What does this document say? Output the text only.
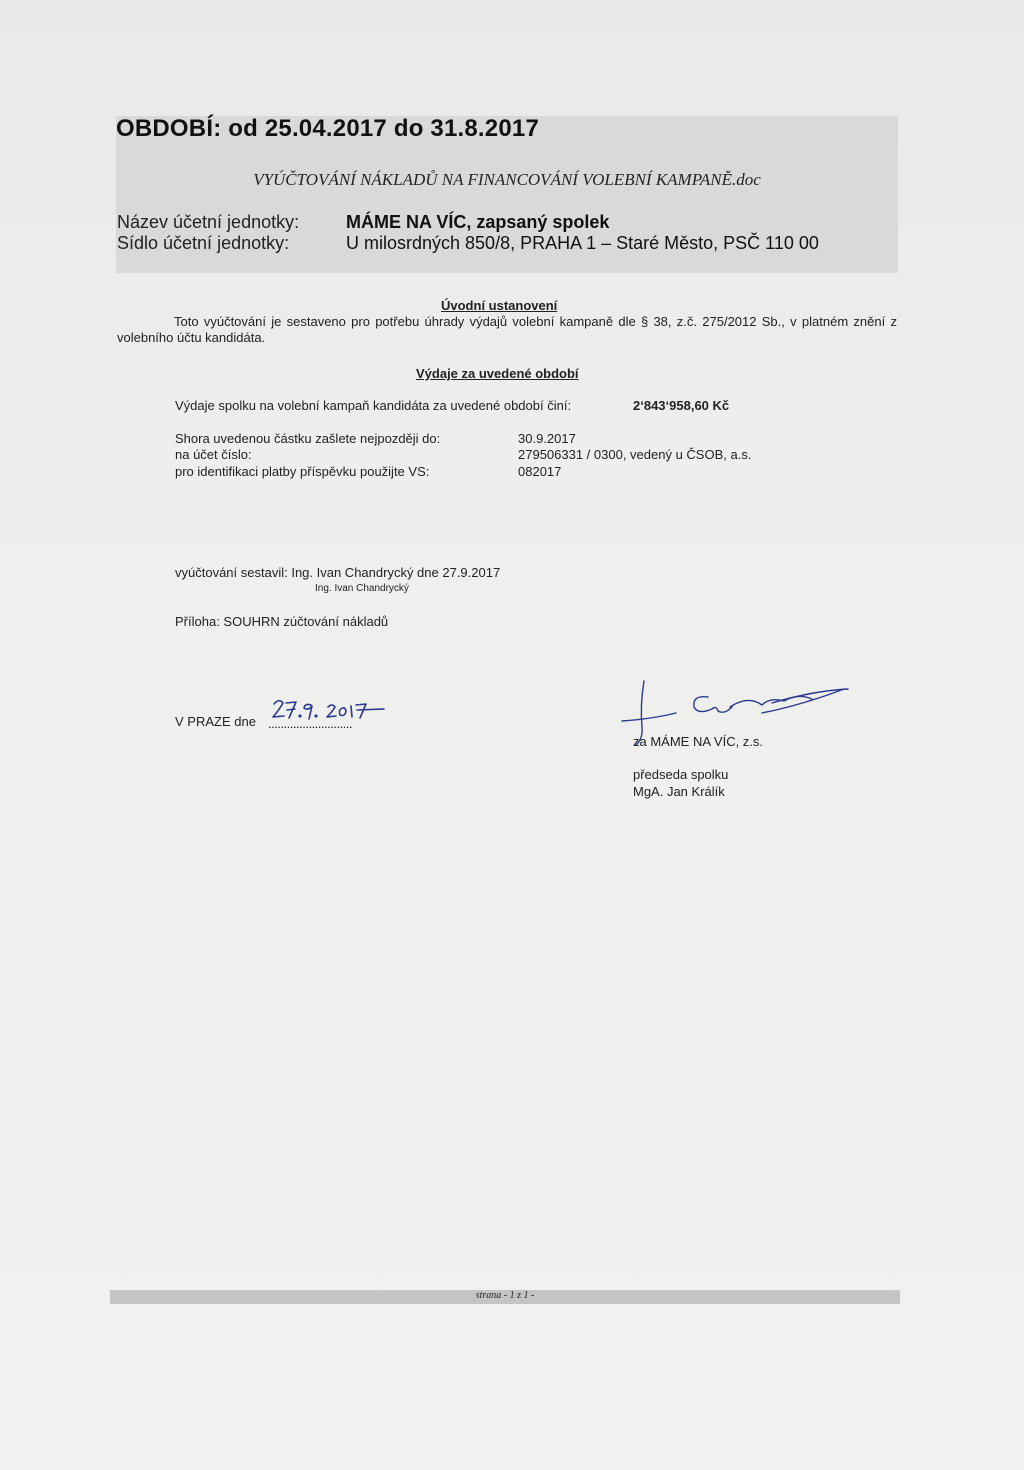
OBDOBÍ: od 25.04.2017 do 31.8.2017
VYÚČTOVÁNÍ NÁKLADŮ NA FINANCOVÁNÍ VOLEBNÍ KAMPANĚ.doc
Název účetní jednotky:	MÁME NA VÍC, zapsaný spolek
Sídlo účetní jednotky:	U milosrdných 850/8, PRAHA 1 – Staré Město, PSČ 110 00
Úvodní ustanovení
Toto vyúčtování je sestaveno pro potřebu úhrady výdajů volební kampaně dle § 38, z.č. 275/2012 Sb., v platném znění z volebního účtu kandidáta.
Výdaje za uvedené období
Výdaje spolku na volební kampaň kandidáta za uvedené období činí:	2‘843‘958,60 Kč
Shora uvedenou částku zašlete nejpozději do:	30.9.2017
na účet číslo:	279506331 / 0300, vedený u ČSOB, a.s.
pro identifikaci platby příspěvku použijte VS:	082017
vyúčtování sestavil: Ing. Ivan Chandrycký dne 27.9.2017
Ing. Ivan Chandrycký
Příloha: SOUHRN zúčtování nákladů
V PRAZE dne ...........................
za MÁME NA VÍC, z.s.
předseda spolku
MgA. Jan Králík
strana - 1 z 1 -
